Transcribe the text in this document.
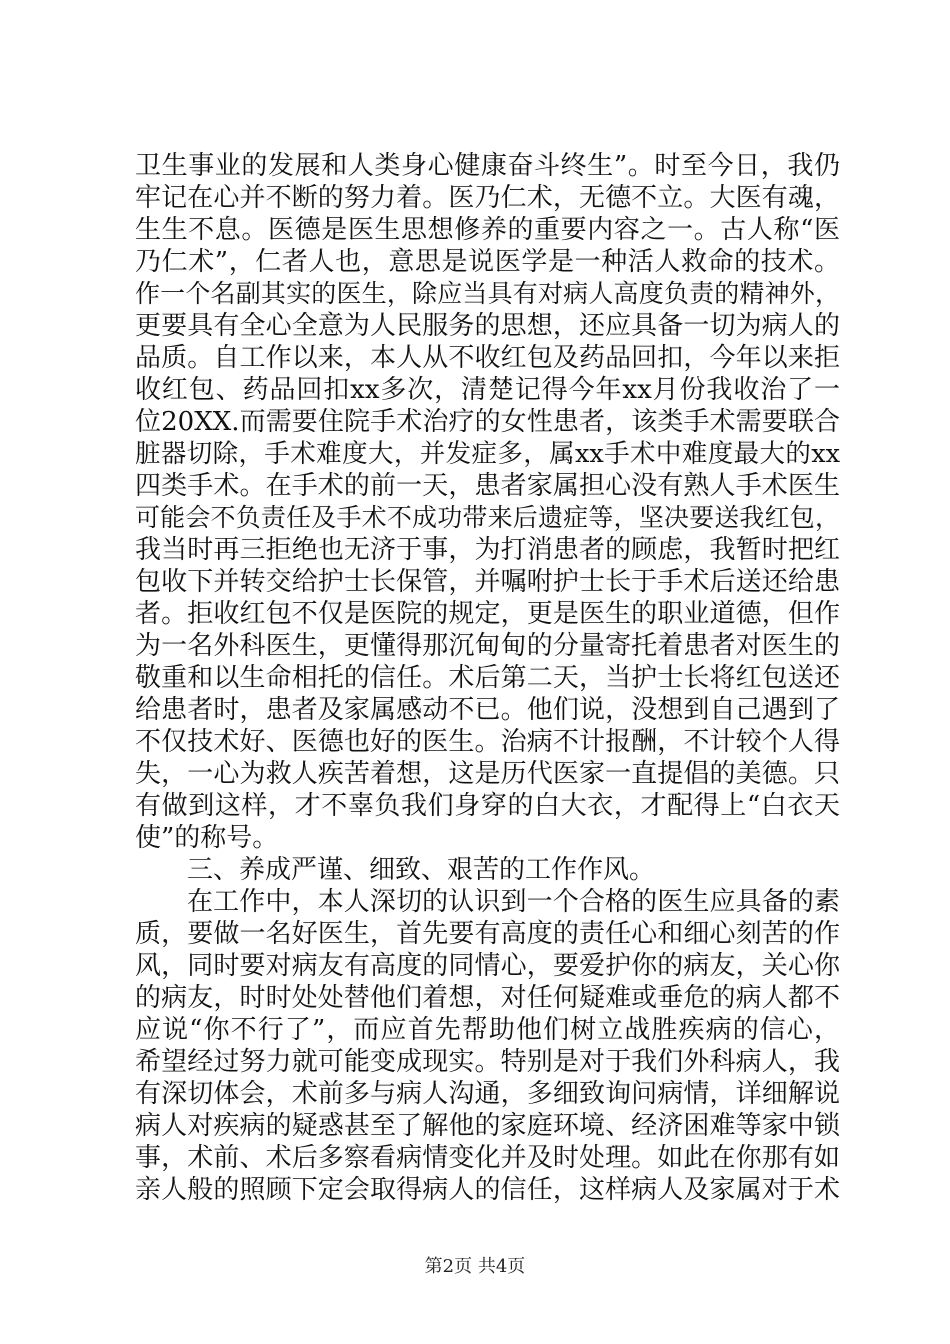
卫生事业的发展和人类身心健康奋斗终生”。时至今日，我仍
牢记在心并不断的努力着。医乃仁术，无德不立。大医有魂，
生生不息。医德是医生思想修养的重要内容之一。古人称“医
乃仁术”，仁者人也，意思是说医学是一种活人救命的技术。
作一个名副其实的医生，除应当具有对病人高度负责的精神外，
更要具有全心全意为人民服务的思想，还应具备一切为病人的
品质。自工作以来，本人从不收红包及药品回扣，今年以来拒
收红包、药品回扣xx多次，清楚记得今年xx月份我收治了一
位20XX.而需要住院手术治疗的女性患者，该类手术需要联合
脏器切除，手术难度大，并发症多，属xx手术中难度最大的xx
四类手术。在手术的前一天，患者家属担心没有熟人手术医生
可能会不负责任及手术不成功带来后遗症等，坚决要送我红包，
我当时再三拒绝也无济于事，为打消患者的顾虑，我暂时把红
包收下并转交给护士长保管，并嘱咐护士长于手术后送还给患
者。拒收红包不仅是医院的规定，更是医生的职业道德，但作
为一名外科医生，更懂得那沉甸甸的分量寄托着患者对医生的
敬重和以生命相托的信任。术后第二天，当护士长将红包送还
给患者时，患者及家属感动不已。他们说，没想到自己遇到了
不仅技术好、医德也好的医生。治病不计报酬，不计较个人得
失，一心为救人疾苦着想，这是历代医家一直提倡的美德。只
有做到这样，才不辜负我们身穿的白大衣，才配得上“白衣天
使”的称号。
三、养成严谨、细致、艰苦的工作作风。
在工作中，本人深切的认识到一个合格的医生应具备的素
质，要做一名好医生，首先要有高度的责任心和细心刻苦的作
风，同时要对病友有高度的同情心，要爱护你的病友，关心你
的病友，时时处处替他们着想，对任何疑难或垂危的病人都不
应说“你不行了”，而应首先帮助他们树立战胜疾病的信心，
希望经过努力就可能变成现实。特别是对于我们外科病人，我
有深切体会，术前多与病人沟通，多细致询问病情，详细解说
病人对疾病的疑惑甚至了解他的家庭环境、经济困难等家中锁
事，术前、术后多察看病情变化并及时处理。如此在你那有如
亲人般的照顾下定会取得病人的信任，这样病人及家属对于术
第2页 共4页
